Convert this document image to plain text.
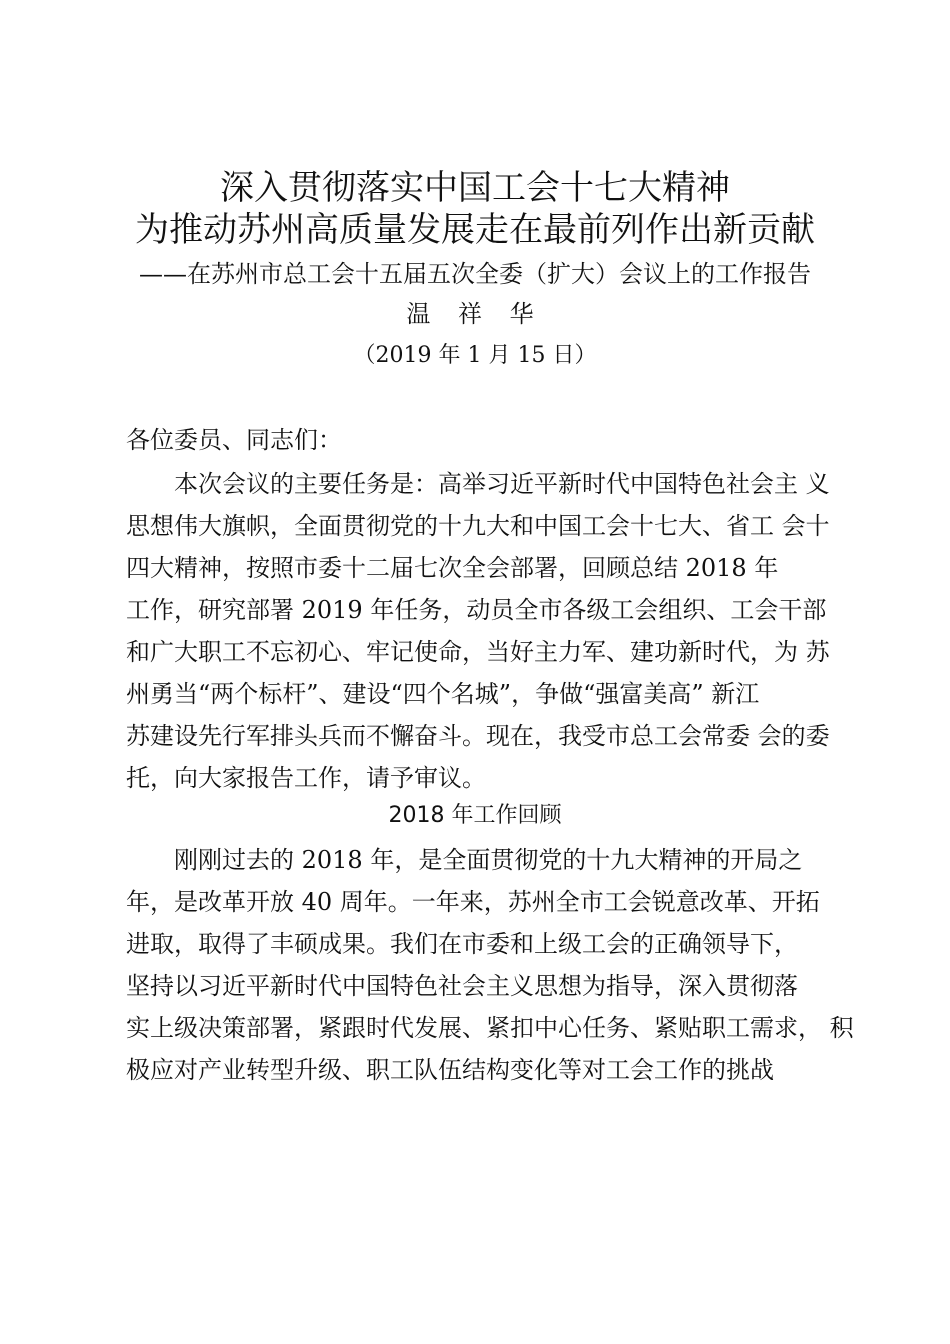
深入贯彻落实中国工会十七大精神
为推动苏州高质量发展走在最前列作出新贡献
——在苏州市总工会十五届五次全委（扩大）会议上的工作报告
温 祥 华
（2019 年 1 月 15 日）
各位委员、同志们：
本次会议的主要任务是：高举习近平新时代中国特色社会主 义
思想伟大旗帜，全面贯彻党的十九大和中国工会十七大、省工 会十
四大精神，按照市委十二届七次全会部署，回顾总结 2018 年
工作，研究部署 2019 年任务，动员全市各级工会组织、工会干部
和广大职工不忘初心、牢记使命，当好主力军、建功新时代，为 苏
州勇当“两个标杆”、建设“四个名城”，争做“强富美高” 新江
苏建设先行军排头兵而不懈奋斗。现在，我受市总工会常委 会的委
托，向大家报告工作，请予审议。
2018 年工作回顾
刚刚过去的 2018 年，是全面贯彻党的十九大精神的开局之
年，是改革开放 40 周年。一年来，苏州全市工会锐意改革、开拓
进取，取得了丰硕成果。我们在市委和上级工会的正确领导下，
坚持以习近平新时代中国特色社会主义思想为指导，深入贯彻落
实上级决策部署，紧跟时代发展、紧扣中心任务、紧贴职工需求， 积
极应对产业转型升级、职工队伍结构变化等对工会工作的挑战
